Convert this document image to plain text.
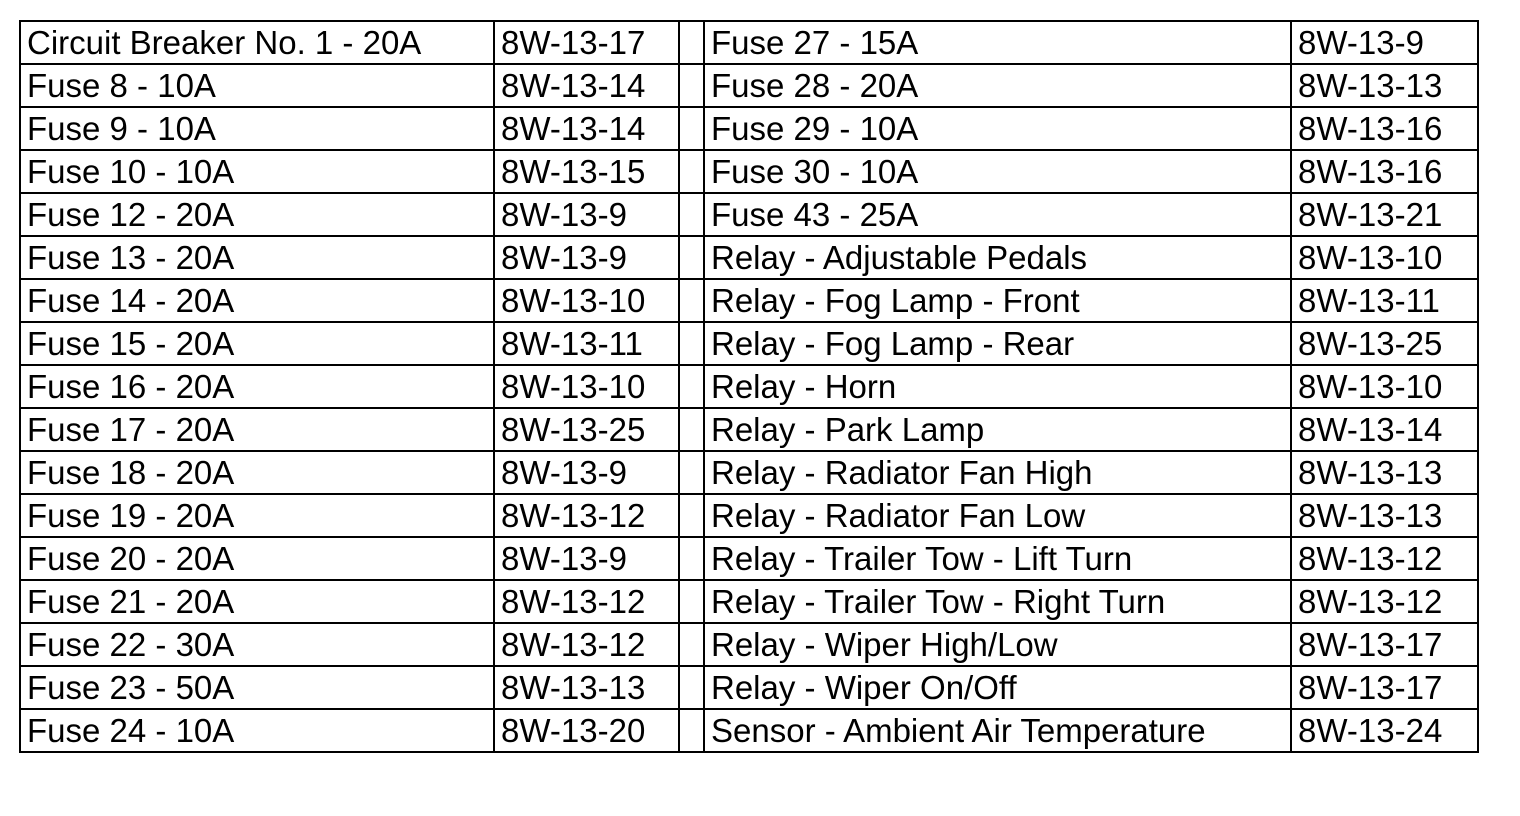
Circuit Breaker No. 1 - 20A	8W-13-17		Fuse 27 - 15A	8W-13-9
Fuse 8 - 10A	8W-13-14		Fuse 28 - 20A	8W-13-13
Fuse 9 - 10A	8W-13-14		Fuse 29 - 10A	8W-13-16
Fuse 10 - 10A	8W-13-15		Fuse 30 - 10A	8W-13-16
Fuse 12 - 20A	8W-13-9		Fuse 43 - 25A	8W-13-21
Fuse 13 - 20A	8W-13-9		Relay - Adjustable Pedals	8W-13-10
Fuse 14 - 20A	8W-13-10		Relay - Fog Lamp - Front	8W-13-11
Fuse 15 - 20A	8W-13-11		Relay - Fog Lamp - Rear	8W-13-25
Fuse 16 - 20A	8W-13-10		Relay - Horn	8W-13-10
Fuse 17 - 20A	8W-13-25		Relay - Park Lamp	8W-13-14
Fuse 18 - 20A	8W-13-9		Relay - Radiator Fan High	8W-13-13
Fuse 19 - 20A	8W-13-12		Relay - Radiator Fan Low	8W-13-13
Fuse 20 - 20A	8W-13-9		Relay - Trailer Tow - Lift Turn	8W-13-12
Fuse 21 - 20A	8W-13-12		Relay - Trailer Tow - Right Turn	8W-13-12
Fuse 22 - 30A	8W-13-12		Relay - Wiper High/Low	8W-13-17
Fuse 23 - 50A	8W-13-13		Relay - Wiper On/Off	8W-13-17
Fuse 24 - 10A	8W-13-20		Sensor - Ambient Air Temperature	8W-13-24
